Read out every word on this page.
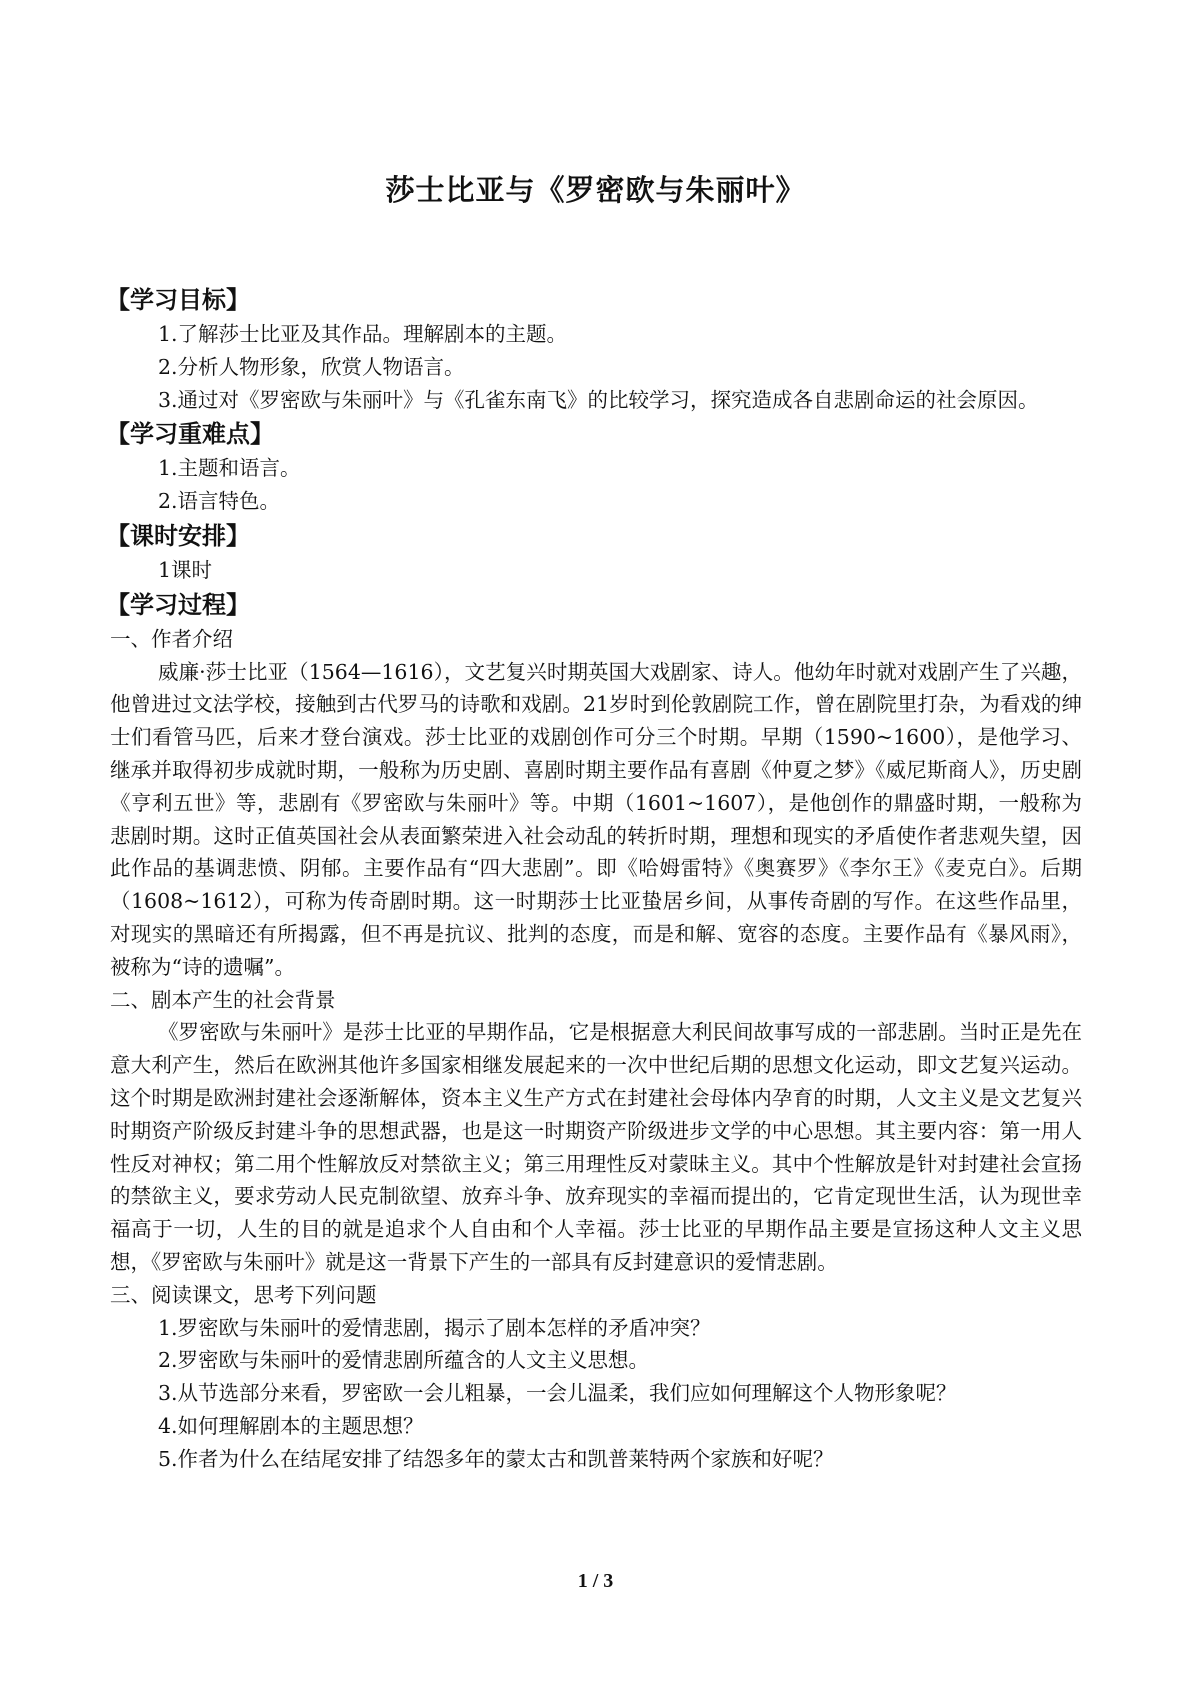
莎士比亚与《罗密欧与朱丽叶》
【学习目标】
1.了解莎士比亚及其作品。理解剧本的主题。
2.分析人物形象，欣赏人物语言。
3.通过对《罗密欧与朱丽叶》与《孔雀东南飞》的比较学习，探究造成各自悲剧命运的社会原因。
【学习重难点】
1.主题和语言。
2.语言特色。
【课时安排】
1课时
【学习过程】
一、作者介绍
威廉·莎士比亚（1564—1616），文艺复兴时期英国大戏剧家、诗人。他幼年时就对戏剧产生了兴趣，他曾进过文法学校，接触到古代罗马的诗歌和戏剧。21岁时到伦敦剧院工作，曾在剧院里打杂，为看戏的绅士们看管马匹，后来才登台演戏。莎士比亚的戏剧创作可分三个时期。早期（1590~1600），是他学习、继承并取得初步成就时期，一般称为历史剧、喜剧时期主要作品有喜剧《仲夏之梦》《威尼斯商人》，历史剧《亨利五世》等，悲剧有《罗密欧与朱丽叶》等。中期（1601~1607），是他创作的鼎盛时期，一般称为悲剧时期。这时正值英国社会从表面繁荣进入社会动乱的转折时期，理想和现实的矛盾使作者悲观失望，因此作品的基调悲愤、阴郁。主要作品有“四大悲剧”。即《哈姆雷特》《奥赛罗》《李尔王》《麦克白》。后期（1608~1612），可称为传奇剧时期。这一时期莎士比亚蛰居乡间，从事传奇剧的写作。在这些作品里，对现实的黑暗还有所揭露，但不再是抗议、批判的态度，而是和解、宽容的态度。主要作品有《暴风雨》，被称为“诗的遗嘱”。
二、剧本产生的社会背景
《罗密欧与朱丽叶》是莎士比亚的早期作品，它是根据意大利民间故事写成的一部悲剧。当时正是先在意大利产生，然后在欧洲其他许多国家相继发展起来的一次中世纪后期的思想文化运动，即文艺复兴运动。这个时期是欧洲封建社会逐渐解体，资本主义生产方式在封建社会母体内孕育的时期，人文主义是文艺复兴时期资产阶级反封建斗争的思想武器，也是这一时期资产阶级进步文学的中心思想。其主要内容：第一用人性反对神权；第二用个性解放反对禁欲主义；第三用理性反对蒙昧主义。其中个性解放是针对封建社会宣扬的禁欲主义，要求劳动人民克制欲望、放弃斗争、放弃现实的幸福而提出的，它肯定现世生活，认为现世幸福高于一切，人生的目的就是追求个人自由和个人幸福。莎士比亚的早期作品主要是宣扬这种人文主义思想，《罗密欧与朱丽叶》就是这一背景下产生的一部具有反封建意识的爱情悲剧。
三、阅读课文，思考下列问题
1.罗密欧与朱丽叶的爱情悲剧，揭示了剧本怎样的矛盾冲突？
2.罗密欧与朱丽叶的爱情悲剧所蕴含的人文主义思想。
3.从节选部分来看，罗密欧一会儿粗暴，一会儿温柔，我们应如何理解这个人物形象呢？
4.如何理解剧本的主题思想？
5.作者为什么在结尾安排了结怨多年的蒙太古和凯普莱特两个家族和好呢？
1 / 3
